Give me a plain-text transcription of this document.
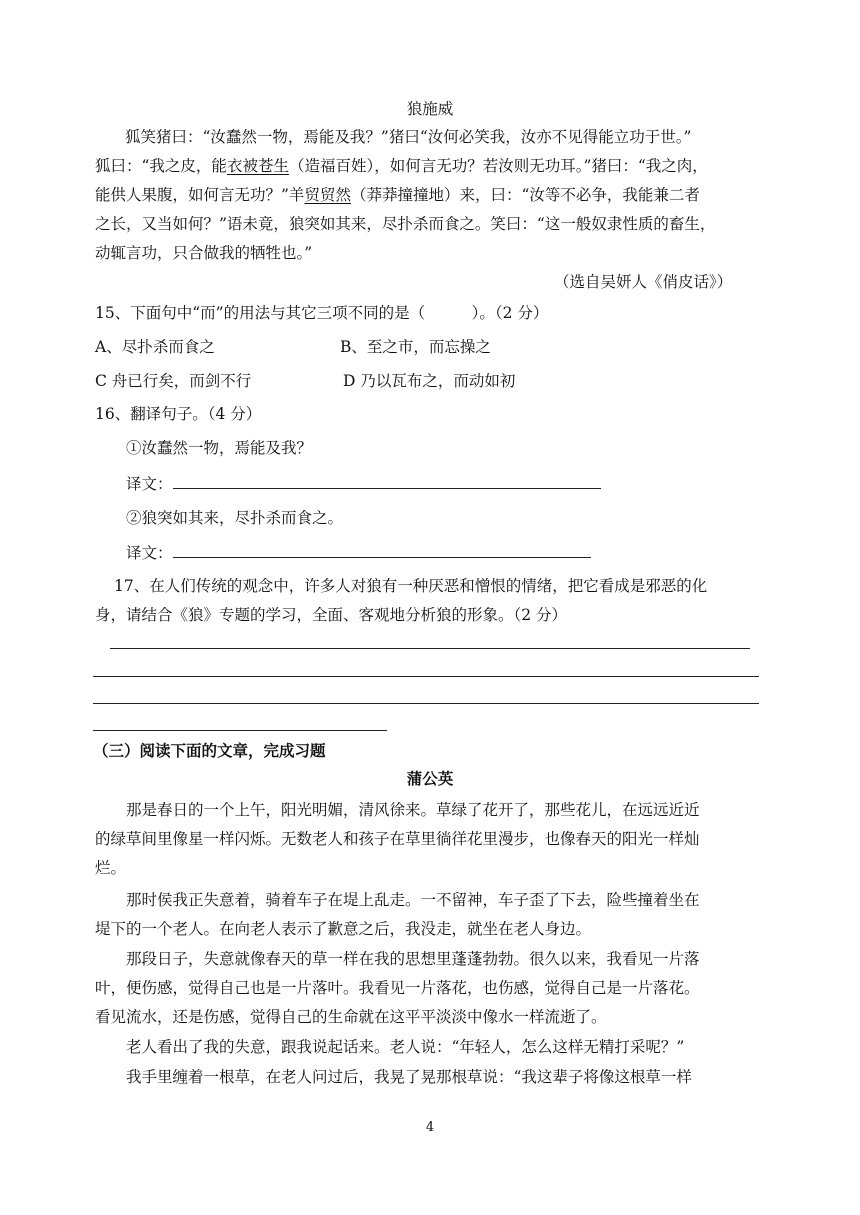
狼施威
狐笑猪曰：“汝蠢然一物，焉能及我？”猪曰“汝何必笑我，汝亦不见得能立功于世。”
狐曰：“我之皮，能衣被苍生（造福百姓），如何言无功？若汝则无功耳。”猪曰：“我之肉，
能供人果腹，如何言无功？”羊贸贸然（莽莽撞撞地）来，曰：“汝等不必争，我能兼二者
之长，又当如何？”语未竟，狼突如其来，尽扑杀而食之。笑曰：“这一般奴隶性质的畜生，
动辄言功，只合做我的牺牲也。”
（选自吴妍人《俏皮话》）
15、下面句中“而”的用法与其它三项不同的是（　　　）。（2 分）
A、尽扑杀而食之	B、至之市，而忘操之
C 舟已行矣，而剑不行	D 乃以瓦布之，而动如初
16、翻译句子。（4 分）
①汝蠢然一物，焉能及我？
译文：
②狼突如其来，尽扑杀而食之。
译文：
17、在人们传统的观念中，许多人对狼有一种厌恶和憎恨的情绪，把它看成是邪恶的化
身，请结合《狼》专题的学习，全面、客观地分析狼的形象。（2 分）
（三）阅读下面的文章，完成习题
蒲公英
那是春日的一个上午，阳光明媚，清风徐来。草绿了花开了，那些花儿，在远远近近
的绿草间里像星一样闪烁。无数老人和孩子在草里徜徉花里漫步，也像春天的阳光一样灿
烂。
那时侯我正失意着，骑着车子在堤上乱走。一不留神，车子歪了下去，险些撞着坐在
堤下的一个老人。在向老人表示了歉意之后，我没走，就坐在老人身边。
那段日子，失意就像春天的草一样在我的思想里蓬蓬勃勃。很久以来，我看见一片落
叶，便伤感，觉得自己也是一片落叶。我看见一片落花，也伤感，觉得自己是一片落花。
看见流水，还是伤感，觉得自己的生命就在这平平淡淡中像水一样流逝了。
老人看出了我的失意，跟我说起话来。老人说：“年轻人，怎么这样无精打采呢？”
我手里缠着一根草，在老人问过后，我晃了晃那根草说：“我这辈子将像这根草一样
4
